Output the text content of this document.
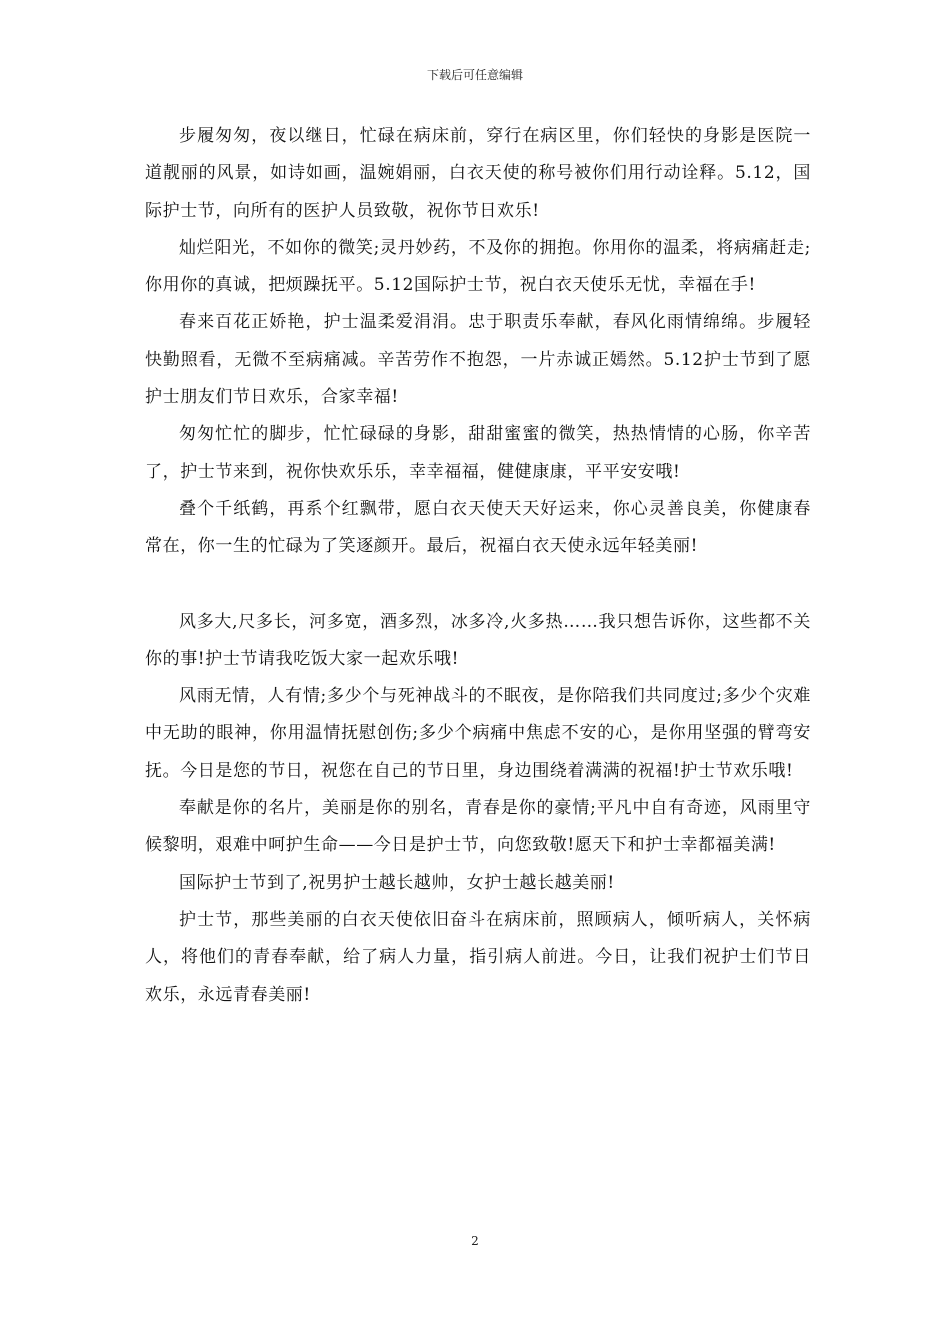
下载后可任意编辑

步履匆匆，夜以继日，忙碌在病床前，穿行在病区里，你们轻快的身影是医院一道靓丽的风景，如诗如画，温婉娟丽，白衣天使的称号被你们用行动诠释。5.12，国际护士节，向所有的医护人员致敬，祝你节日欢乐!

灿烂阳光，不如你的微笑;灵丹妙药，不及你的拥抱。你用你的温柔，将病痛赶走;你用你的真诚，把烦躁抚平。5.12国际护士节，祝白衣天使乐无忧，幸福在手!

春来百花正娇艳，护士温柔爱涓涓。忠于职责乐奉献，春风化雨情绵绵。步履轻快勤照看，无微不至病痛减。辛苦劳作不抱怨，一片赤诚正嫣然。5.12护士节到了愿护士朋友们节日欢乐，合家幸福!

匆匆忙忙的脚步，忙忙碌碌的身影，甜甜蜜蜜的微笑，热热情情的心肠，你辛苦了，护士节来到，祝你快欢乐乐，幸幸福福，健健康康，平平安安哦!

叠个千纸鹤，再系个红飘带，愿白衣天使天天好运来，你心灵善良美，你健康春常在，你一生的忙碌为了笑逐颜开。最后，祝福白衣天使永远年轻美丽!

风多大,尺多长，河多宽，酒多烈，冰多冷,火多热……我只想告诉你，这些都不关你的事!护士节请我吃饭大家一起欢乐哦!

风雨无情，人有情;多少个与死神战斗的不眠夜，是你陪我们共同度过;多少个灾难中无助的眼神，你用温情抚慰创伤;多少个病痛中焦虑不安的心，是你用坚强的臂弯安抚。今日是您的节日，祝您在自己的节日里，身边围绕着满满的祝福!护士节欢乐哦!

奉献是你的名片，美丽是你的别名，青春是你的豪情;平凡中自有奇迹，风雨里守候黎明，艰难中呵护生命——今日是护士节，向您致敬!愿天下和护士幸都福美满!

国际护士节到了,祝男护士越长越帅，女护士越长越美丽!

护士节，那些美丽的白衣天使依旧奋斗在病床前，照顾病人，倾听病人，关怀病人，将他们的青春奉献，给了病人力量，指引病人前进。今日，让我们祝护士们节日欢乐，永远青春美丽!

2
